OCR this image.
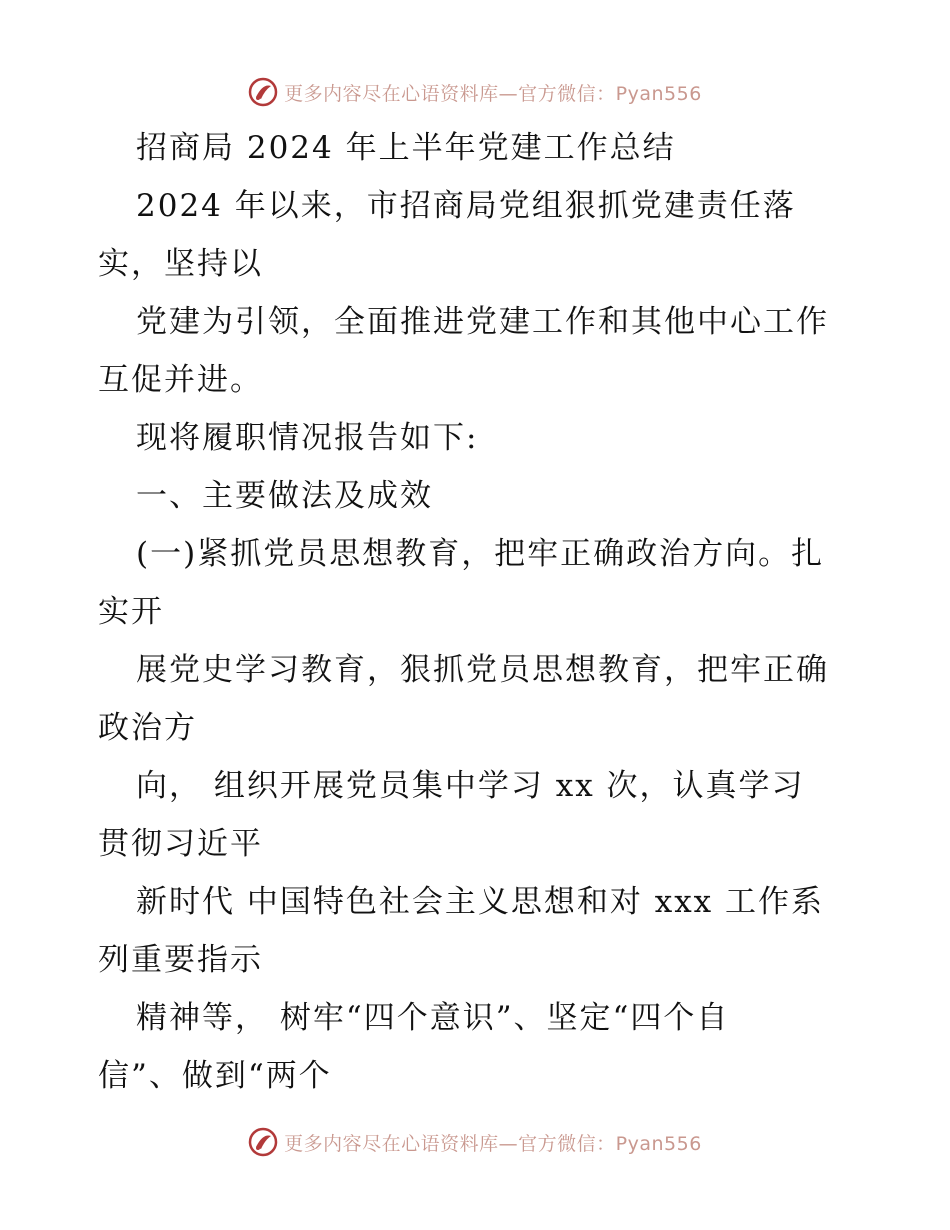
更多内容尽在心语资料库—官方微信：Pyan556
招商局 2024 年上半年党建工作总结
2024 年以来，市招商局党组狠抓党建责任落
实，坚持以
党建为引领，全面推进党建工作和其他中心工作
互促并进。
现将履职情况报告如下:
一、主要做法及成效
(一)紧抓党员思想教育，把牢正确政治方向。扎
实开
展党史学习教育，狠抓党员思想教育，把牢正确
政治方
向， 组织开展党员集中学习 xx 次，认真学习
贯彻习近平
新时代 中国特色社会主义思想和对 xxx 工作系
列重要指示
精神等， 树牢“四个意识”、坚定“四个自
信”、做到“两个
更多内容尽在心语资料库—官方微信：Pyan556
